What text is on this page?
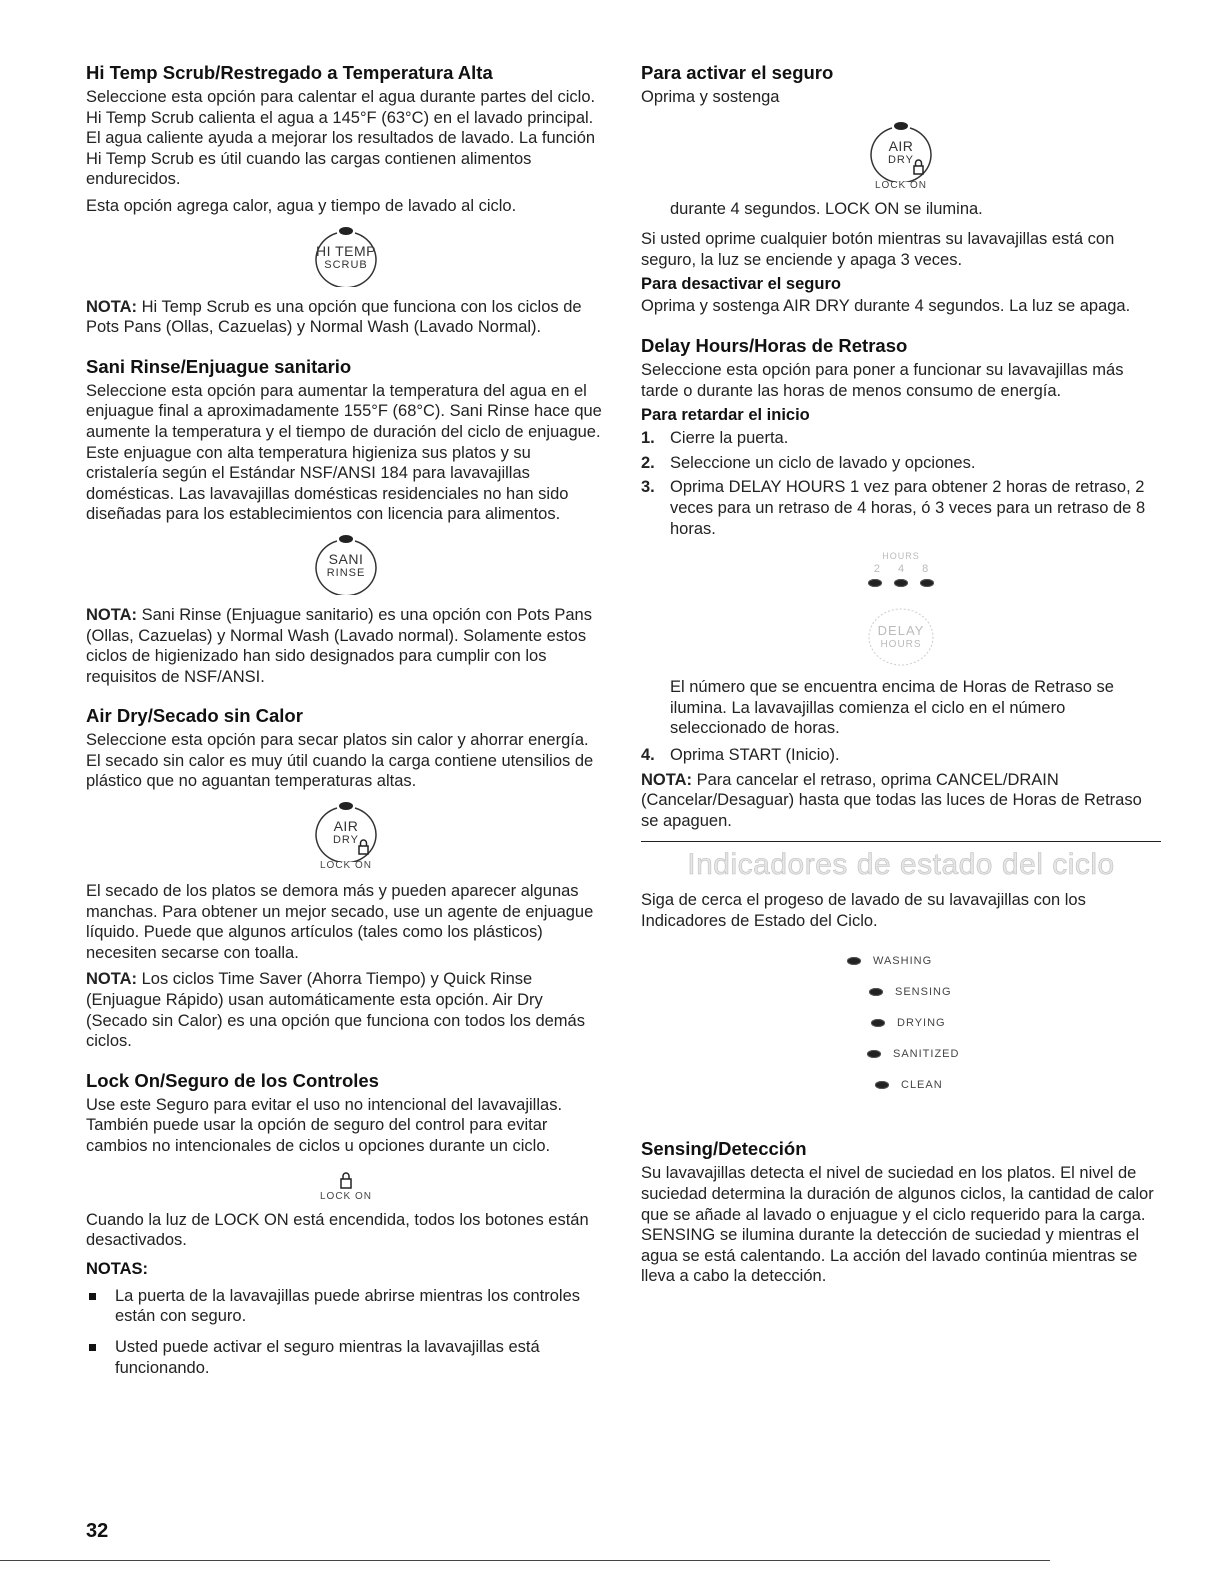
Hi Temp Scrub/Restregado a Temperatura Alta

Seleccione esta opción para calentar el agua durante partes del ciclo. Hi Temp Scrub calienta el agua a 145°F (63°C) en el lavado principal. El agua caliente ayuda a mejorar los resultados de lavado. La función Hi Temp Scrub es útil cuando las cargas contienen alimentos endurecidos.

Esta opción agrega calor, agua y tiempo de lavado al ciclo.

HI TEMP
SCRUB

NOTA: Hi Temp Scrub es una opción que funciona con los ciclos de Pots Pans (Ollas, Cazuelas) y Normal Wash (Lavado Normal).

Sani Rinse/Enjuague sanitario

Seleccione esta opción para aumentar la temperatura del agua en el enjuague final a aproximadamente 155°F (68°C). Sani Rinse hace que aumente la temperatura y el tiempo de duración del ciclo de enjuague. Este enjuague con alta temperatura higieniza sus platos y su cristalería según el Estándar NSF/ANSI 184 para lavavajillas domésticas. Las lavavajillas domésticas residenciales no han sido diseñadas para los establecimientos con licencia para alimentos.

SANI
RINSE

NOTA: Sani Rinse (Enjuague sanitario) es una opción con Pots Pans (Ollas, Cazuelas) y Normal Wash (Lavado normal). Solamente estos ciclos de higienizado han sido designados para cumplir con los requisitos de NSF/ANSI.

Air Dry/Secado sin Calor

Seleccione esta opción para secar platos sin calor y ahorrar energía. El secado sin calor es muy útil cuando la carga contiene utensilios de plástico que no aguantan temperaturas altas.

AIR
DRY
LOCK ON

El secado de los platos se demora más y pueden aparecer algunas manchas. Para obtener un mejor secado, use un agente de enjuague líquido. Puede que algunos artículos (tales como los plásticos) necesiten secarse con toalla.

NOTA: Los ciclos Time Saver (Ahorra Tiempo) y Quick Rinse (Enjuague Rápido) usan automáticamente esta opción. Air Dry (Secado sin Calor) es una opción que funciona con todos los demás ciclos.

Lock On/Seguro de los Controles

Use este Seguro para evitar el uso no intencional del lavavajillas. También puede usar la opción de seguro del control para evitar cambios no intencionales de ciclos u opciones durante un ciclo.

LOCK ON

Cuando la luz de LOCK ON está encendida, todos los botones están desactivados.

NOTAS:
La puerta de la lavavajillas puede abrirse mientras los controles están con seguro.
Usted puede activar el seguro mientras la lavavajillas está funcionando.
Para activar el seguro

Oprima y sostenga

AIR
DRY
LOCK ON

durante 4 segundos. LOCK ON se ilumina.

Si usted oprime cualquier botón mientras su lavavajillas está con seguro, la luz se enciende y apaga 3 veces.

Para desactivar el seguro

Oprima y sostenga AIR DRY durante 4 segundos. La luz se apaga.

Delay Hours/Horas de Retraso

Seleccione esta opción para poner a funcionar su lavavajillas más tarde o durante las horas de menos consumo de energía.

Para retardar el inicio
1. Cierre la puerta.
2. Seleccione un ciclo de lavado y opciones.
3. Oprima DELAY HOURS 1 vez para obtener 2 horas de retraso, 2 veces para un retraso de 4 horas, ó 3 veces para un retraso de 8 horas.
HOURS
2 4 8
DELAY
HOURS

El número que se encuentra encima de Horas de Retraso se ilumina. La lavavajillas comienza el ciclo en el número seleccionado de horas.

4. Oprima START (Inicio).

NOTA: Para cancelar el retraso, oprima CANCEL/DRAIN (Cancelar/Desaguar) hasta que todas las luces de Horas de Retraso se apaguen.

Indicadores de estado del ciclo

Siga de cerca el progeso de lavado de su lavavajillas con los Indicadores de Estado del Ciclo.

WASHING
SENSING
DRYING
SANITIZED
CLEAN
Sensing/Detección

Su lavavajillas detecta el nivel de suciedad en los platos. El nivel de suciedad determina la duración de algunos ciclos, la cantidad de calor que se añade al lavado o enjuague y el ciclo requerido para la carga. SENSING se ilumina durante la detección de suciedad y mientras el agua se está calentando. La acción del lavado continúa mientras se lleva a cabo la detección.

32
